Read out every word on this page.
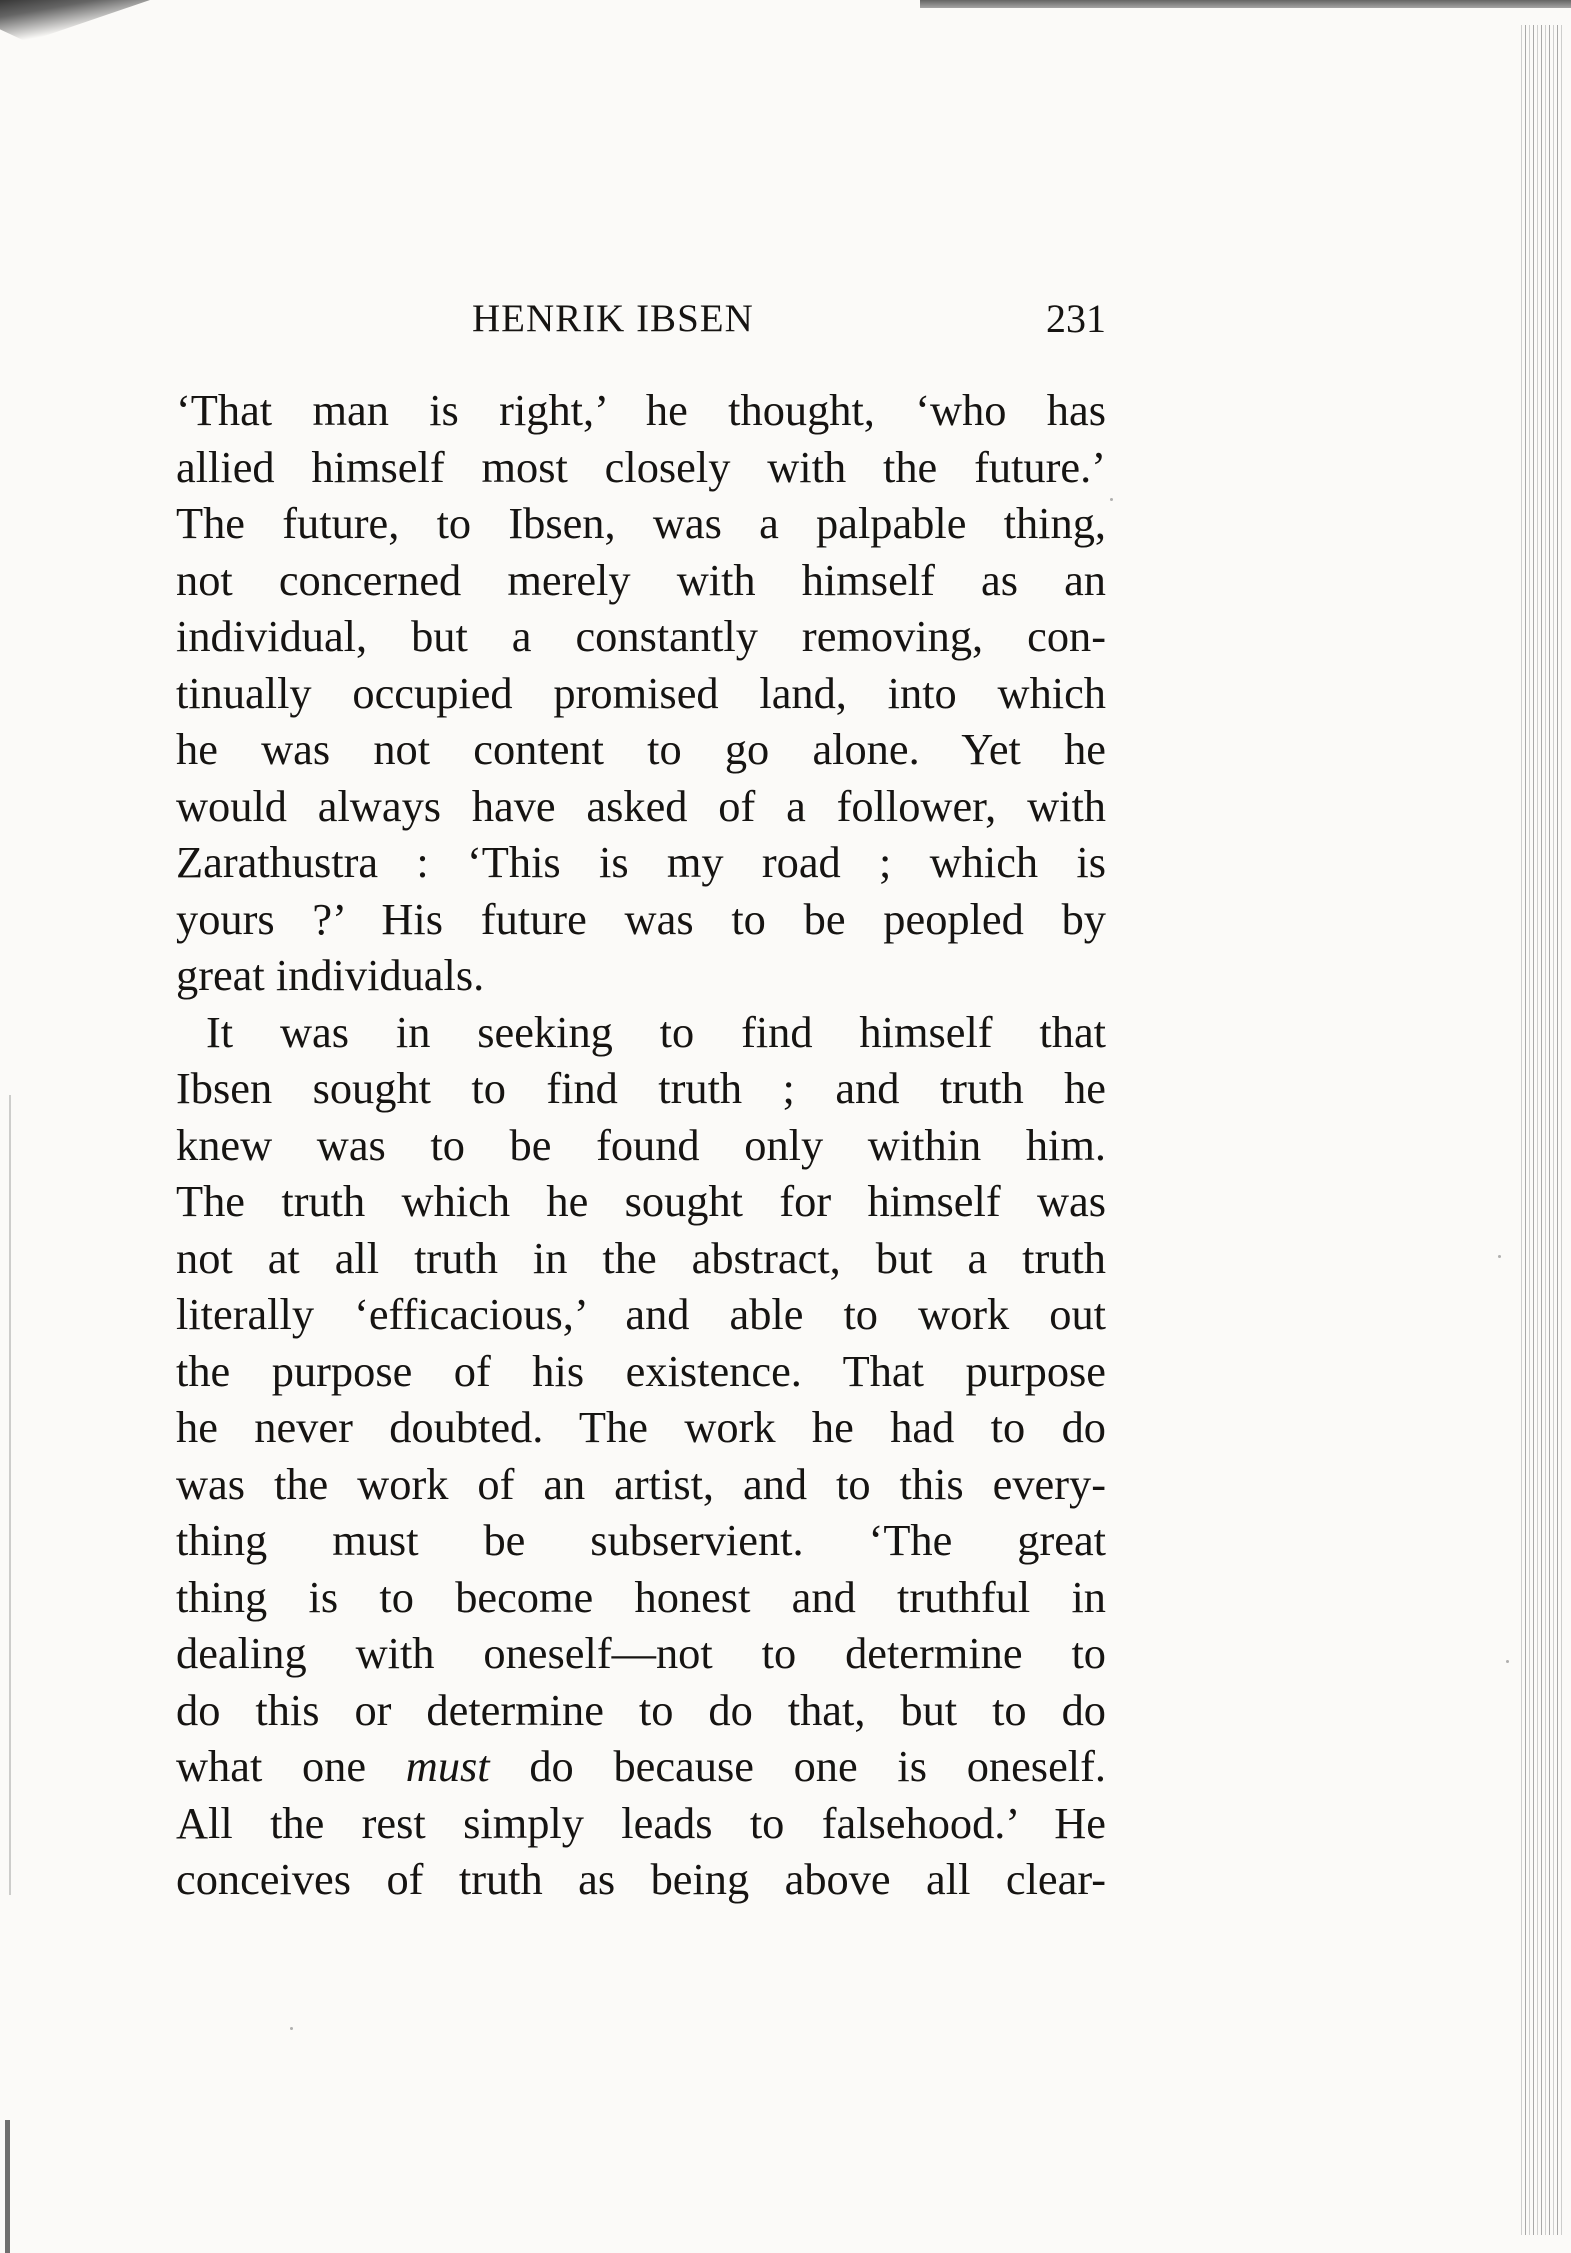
HENRIK IBSEN	231
‘That man is right,’ he thought, ‘who has
allied himself most closely with the future.’
The future, to Ibsen, was a palpable thing,
not concerned merely with himself as an
individual, but a constantly removing, con-
tinually occupied promised land, into which
he was not content to go alone. Yet he
would always have asked of a follower, with
Zarathustra : ‘This is my road ; which is
yours ?’ His future was to be peopled by
great individuals.
It was in seeking to find himself that
Ibsen sought to find truth ; and truth he
knew was to be found only within him.
The truth which he sought for himself was
not at all truth in the abstract, but a truth
literally ‘efficacious,’ and able to work out
the purpose of his existence. That purpose
he never doubted. The work he had to do
was the work of an artist, and to this every-
thing must be subservient. ‘The great
thing is to become honest and truthful in
dealing with oneself—not to determine to
do this or determine to do that, but to do
what one must do because one is oneself.
All the rest simply leads to falsehood.’ He
conceives of truth as being above all clear-
